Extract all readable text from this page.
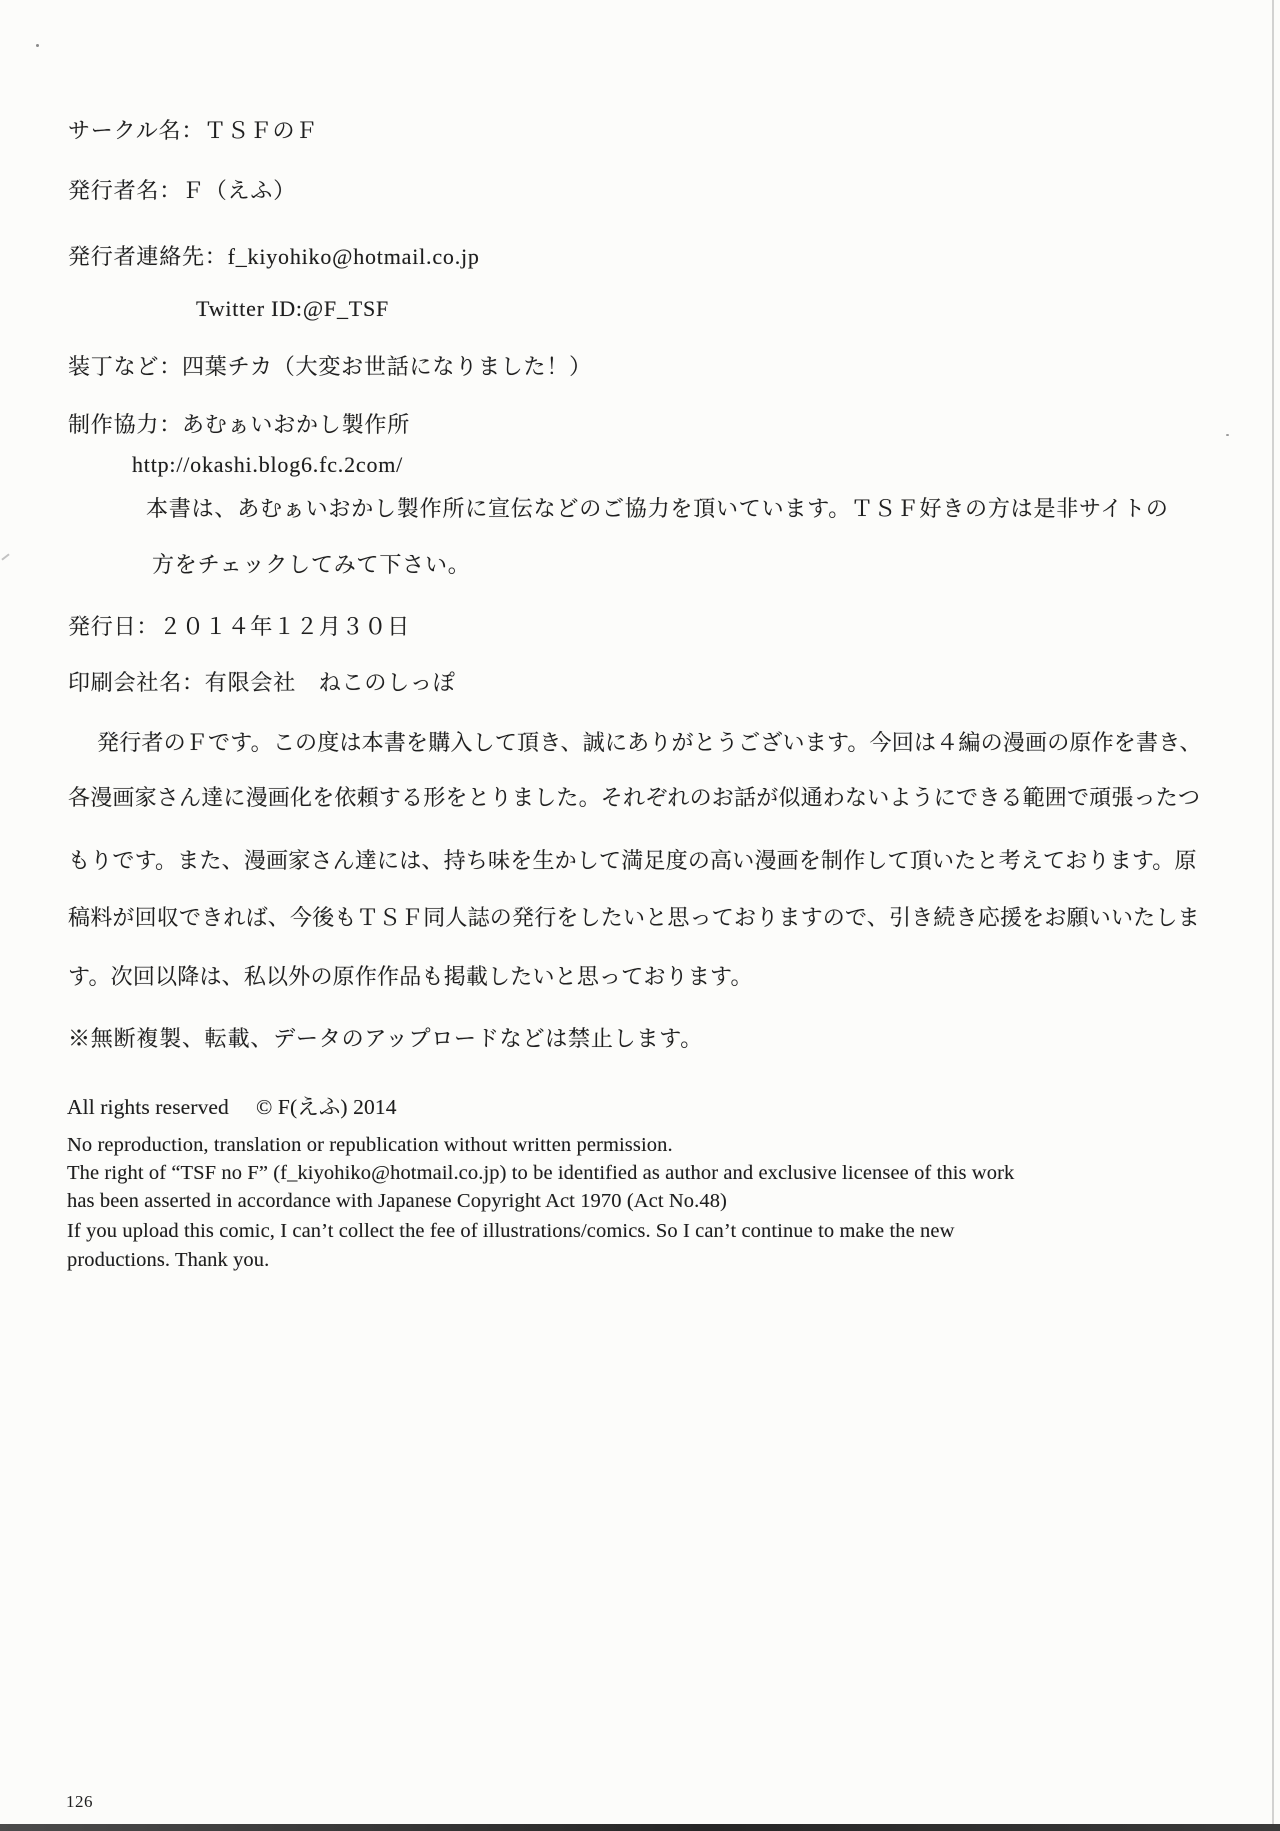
サークル名：ＴＳＦのＦ
発行者名：Ｆ（えふ）
発行者連絡先：f_kiyohiko@hotmail.co.jp
Twitter ID:@F_TSF
装丁など：四葉チカ（大変お世話になりました！）
制作協力：あむぁいおかし製作所
http://okashi.blog6.fc.2com/
本書は、あむぁいおかし製作所に宣伝などのご協力を頂いています。ＴＳＦ好きの方は是非サイトの
方をチェックしてみて下さい。
発行日：２０１４年１２月３０日
印刷会社名：有限会社　ねこのしっぽ
発行者のＦです。この度は本書を購入して頂き、誠にありがとうございます。今回は４編の漫画の原作を書き、
各漫画家さん達に漫画化を依頼する形をとりました。それぞれのお話が似通わないようにできる範囲で頑張ったつ
もりです。また、漫画家さん達には、持ち味を生かして満足度の高い漫画を制作して頂いたと考えております。原
稿料が回収できれば、今後もＴＳＦ同人誌の発行をしたいと思っておりますので、引き続き応援をお願いいたしま
す。次回以降は、私以外の原作作品も掲載したいと思っております。
※無断複製、転載、データのアップロードなどは禁止します。
All rights reserved　 © F(えふ) 2014
No reproduction, translation or republication without written permission.
The right of “TSF no F” (f_kiyohiko@hotmail.co.jp) to be identified as author and exclusive licensee of this work
has been asserted in accordance with Japanese Copyright Act 1970 (Act No.48)
If you upload this comic, I can’t collect the fee of illustrations/comics. So I can’t continue to make the new
productions. Thank you.
126
